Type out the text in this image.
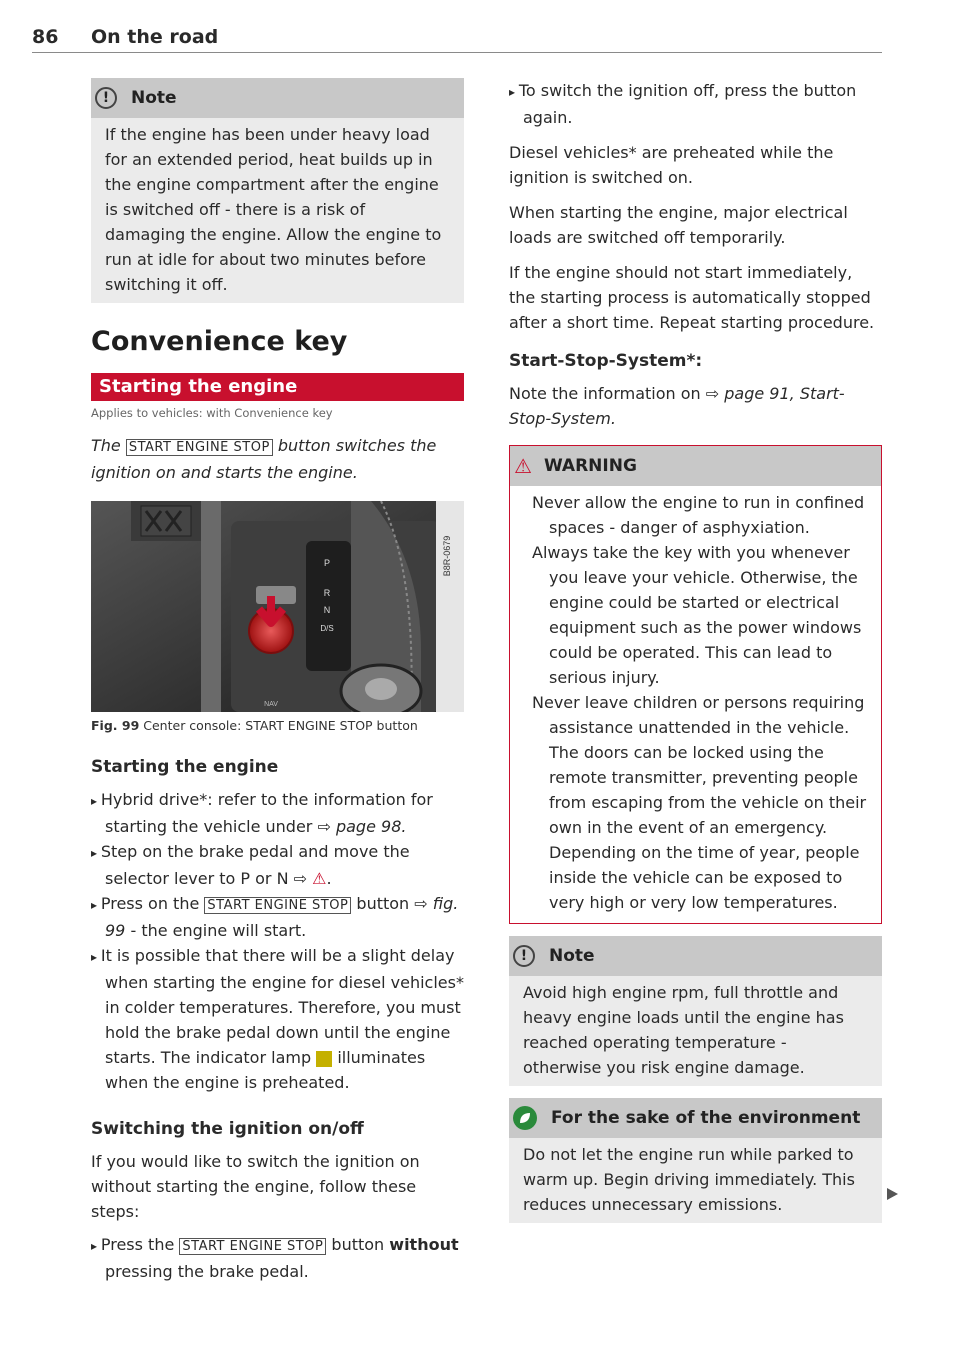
86 On the road
!	Note
If the engine has been under heavy load for an extended period, heat builds up in the engine compartment after the engine is switched off - there is a risk of damaging the engine. Allow the engine to run at idle for about two minutes before switching it off.
Convenience key
Starting the engine
Applies to vehicles: with Convenience key
The START ENGINE STOP button switches the ignition on and starts the engine.
B8R-0679
P
R
N
D/S
NAV
Fig. 99 Center console: START ENGINE STOP button
Starting the engine

▸ Hybrid drive*: refer to the information for starting the vehicle under ⇨ page 98.

▸ Step on the brake pedal and move the selector lever to P or N ⇨ ⚠.

▸ Press on the START ENGINE STOP button ⇨ fig. 99 - the engine will start.

▸ It is possible that there will be a slight delay when starting the engine for diesel vehicles* in colder temperatures. Therefore, you must hold the brake pedal down until the engine starts. The indicator lamp illuminates when the engine is preheated.

Switching the ignition on/off

If you would like to switch the ignition on without starting the engine, follow these steps:

▸ Press the START ENGINE STOP button without pressing the brake pedal.

▸ To switch the ignition off, press the button again.

Diesel vehicles* are preheated while the ignition is switched on.

When starting the engine, major electrical loads are switched off temporarily.

If the engine should not start immediately, the starting process is automatically stopped after a short time. Repeat starting procedure.

Start-Stop-System*:

Note the information on ⇨ page 91, Start-Stop-System.

⚠ WARNING

Never allow the engine to run in confined spaces - danger of asphyxiation.

Always take the key with you whenever you leave your vehicle. Otherwise, the engine could be started or electrical equipment such as the power windows could be operated. This can lead to serious injury.

Never leave children or persons requiring assistance unattended in the vehicle. The doors can be locked using the remote transmitter, preventing people from escaping from the vehicle on their own in the event of an emergency. Depending on the time of year, people inside the vehicle can be exposed to very high or very low temperatures.

!	Note
Avoid high engine rpm, full throttle and heavy engine loads until the engine has reached operating temperature - otherwise you risk engine damage.
For the sake of the environment
Do not let the engine run while parked to warm up. Begin driving immediately. This reduces unnecessary emissions.
